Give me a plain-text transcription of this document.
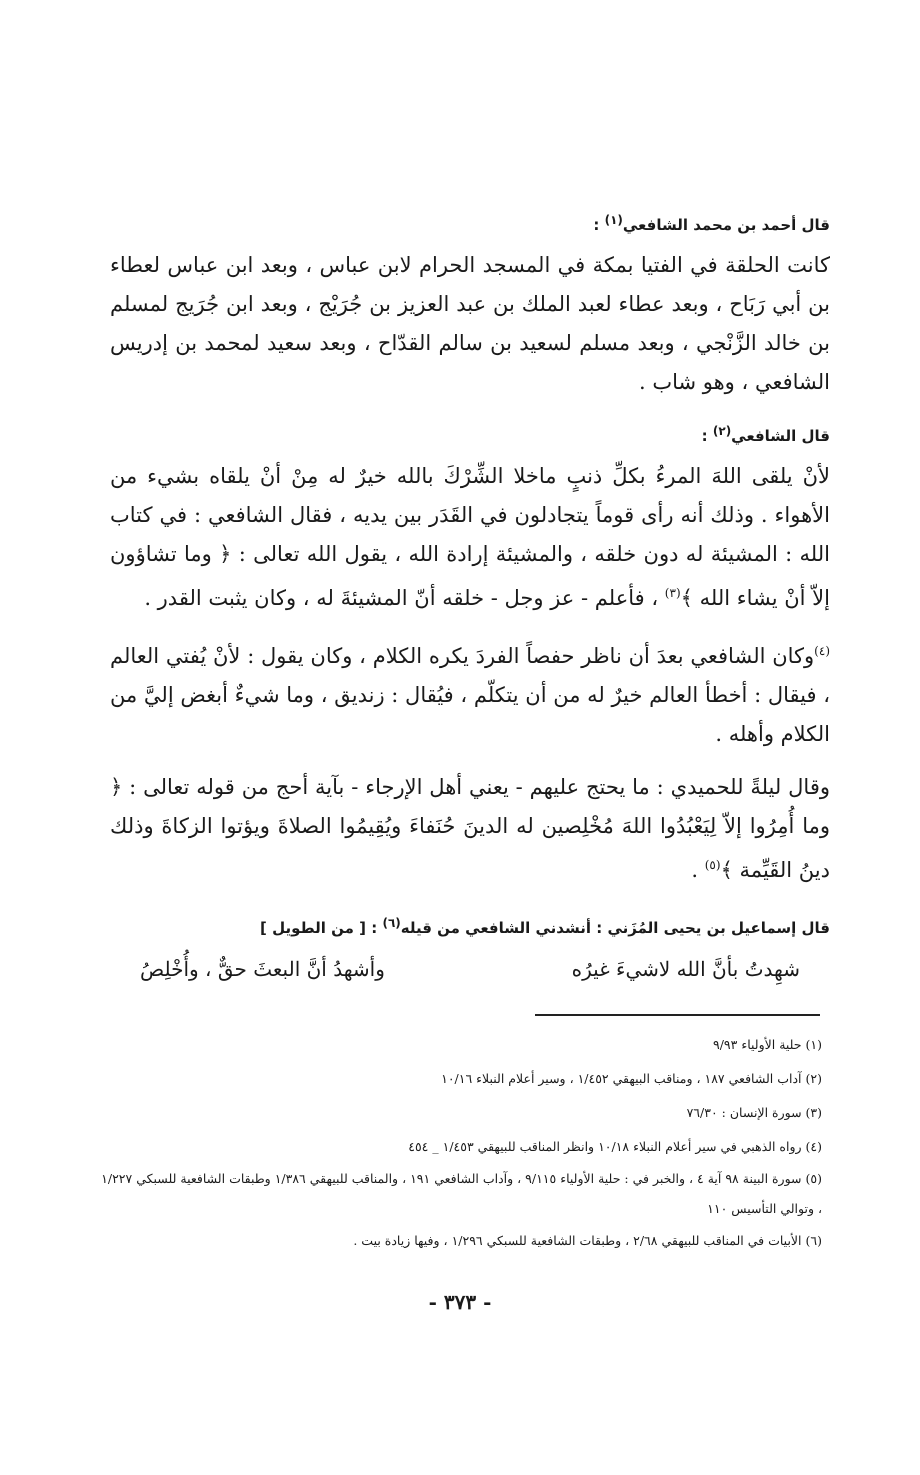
قال أحمد بن محمد الشافعي$^{(١)}$ :

كانت الحلقة في الفتيا بمكة في المسجد الحرام لابن عباس ، وبعد ابن عباس لعطاء بن أبي رَبَاح ، وبعد عطاء لعبد الملك بن عبد العزيز بن جُرَيْج ، وبعد ابن جُرَيج لمسلم بن خالد الزَّنْجي ، وبعد مسلم لسعيد بن سالم القدّاح ، وبعد سعيد لمحمد بن إدريس الشافعي ، وهو شاب .

قال الشافعي$^{(٢)}$ :

لأنْ يلقى اللهَ المرءُ بكلِّ ذنبٍ ماخلا الشِّرْكَ بالله خيرٌ له مِنْ أنْ يلقاه بشيء من الأهواء . وذلك أنه رأى قوماً يتجادلون في القَدَر بين يديه ، فقال الشافعي : في كتاب الله : المشيئة له دون خلقه ، والمشيئة إرادة الله ، يقول الله تعالى : ﴿ وما تشاؤون إلاّ أنْ يشاء الله ﴾$^{(٣)}$ ، فأعلم - عز وجل - خلقه أنّ المشيئةَ له ، وكان يثبت القدر .

$^{(٤)}$وكان الشافعي بعدَ أن ناظر حفصاً الفردَ يكره الكلام ، وكان يقول : لأنْ يُفتي العالم ، فيقال : أخطأ العالم خيرٌ له من أن يتكلّم ، فيُقال : زنديق ، وما شيءٌ أبغض إليَّ من الكلام وأهله .

وقال ليلةً للحميدي : ما يحتج عليهم - يعني أهل الإرجاء - بآية أحج من قوله تعالى : ﴿ وما أُمِرُوا إلاّ لِيَعْبُدُوا اللهَ مُخْلِصين له الدينَ حُنَفاءَ ويُقِيمُوا الصلاةَ ويؤتوا الزكاةَ وذلك دينُ القَيِّمة ﴾$^{(٥)}$ .

قال إسماعيل بن يحيى المُزَني : أنشدني الشافعي من قيله$^{(٦)}$ : [ من الطويل ]
شهِدتُ بأنَّ الله لاشيءَ غيرُه
وأشهدُ أنَّ البعثَ حقٌّ ، وأُخْلِصُ

(١) حلية الأولياء ٩/٩٣

(٢) آداب الشافعي ١٨٧ ، ومناقب البيهقي ١/٤٥٢ ، وسير أعلام النبلاء ١٠/١٦

(٣) سورة الإنسان : ٧٦/٣٠

(٤) رواه الذهبي في سير أعلام النبلاء ١٠/١٨ وانظر المناقب للبيهقي ١/٤٥٣ _ ٤٥٤

(٥) سورة البينة ٩٨ آية ٤ ، والخبر في : حلية الأولياء ٩/١١٥ ، وآداب الشافعي ١٩١ ، والمناقب للبيهقي ١/٣٨٦ وطبقات الشافعية للسبكي ١/٢٢٧ ، وتوالي التأسيس ١١٠

(٦) الأبيات في المناقب للبيهقي ٢/٦٨ ، وطبقات الشافعية للسبكي ١/٢٩٦ ، وفيها زيادة بيت .

- ٣٧٣ -
